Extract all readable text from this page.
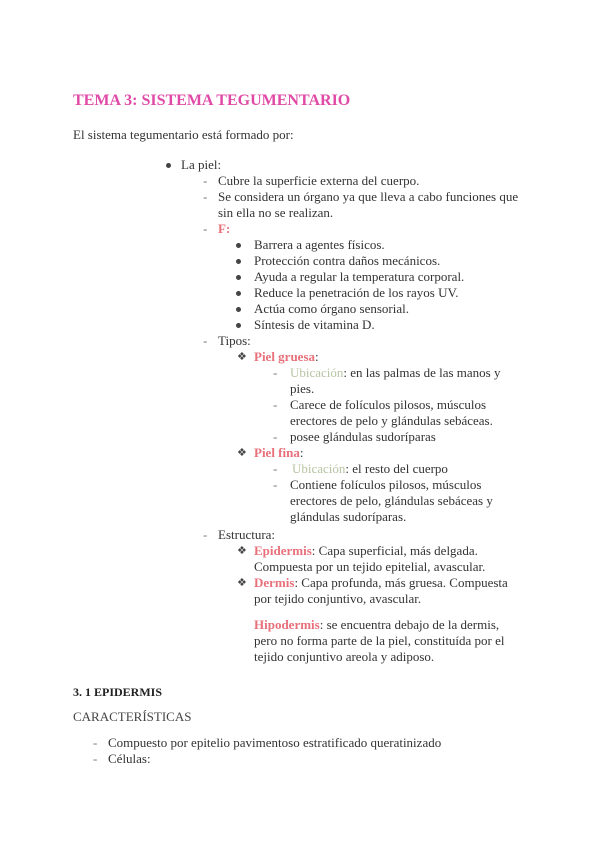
TEMA 3: SISTEMA TEGUMENTARIO
El sistema tegumentario está formado por:
La piel:
- Cubre la superficie externa del cuerpo.
- Se considera un órgano ya que lleva a cabo funciones que
sin ella no se realizan.
- F:
Barrera a agentes físicos.
Protección contra daños mecánicos.
Ayuda a regular la temperatura corporal.
Reduce la penetración de los rayos UV.
Actúa como órgano sensorial.
Síntesis de vitamina D.
- Tipos:
❖ Piel gruesa:
- Ubicación: en las palmas de las manos y
pies.
- Carece de folículos pilosos, músculos
erectores de pelo y glándulas sebáceas.
- posee glándulas sudoríparas
❖ Piel fina:
- Ubicación: el resto del cuerpo
- Contiene folículos pilosos, músculos
erectores de pelo, glándulas sebáceas y
glándulas sudoríparas.
- Estructura:
❖ Epidermis: Capa superficial, más delgada.
Compuesta por un tejido epitelial, avascular.
❖ Dermis: Capa profunda, más gruesa. Compuesta
por tejido conjuntivo, avascular.
Hipodermis: se encuentra debajo de la dermis,
pero no forma parte de la piel, constituída por el
tejido conjuntivo areola y adiposo.
3. 1 EPIDERMIS
CARACTERÍSTICAS
- Compuesto por epitelio pavimentoso estratificado queratinizado
- Células:
